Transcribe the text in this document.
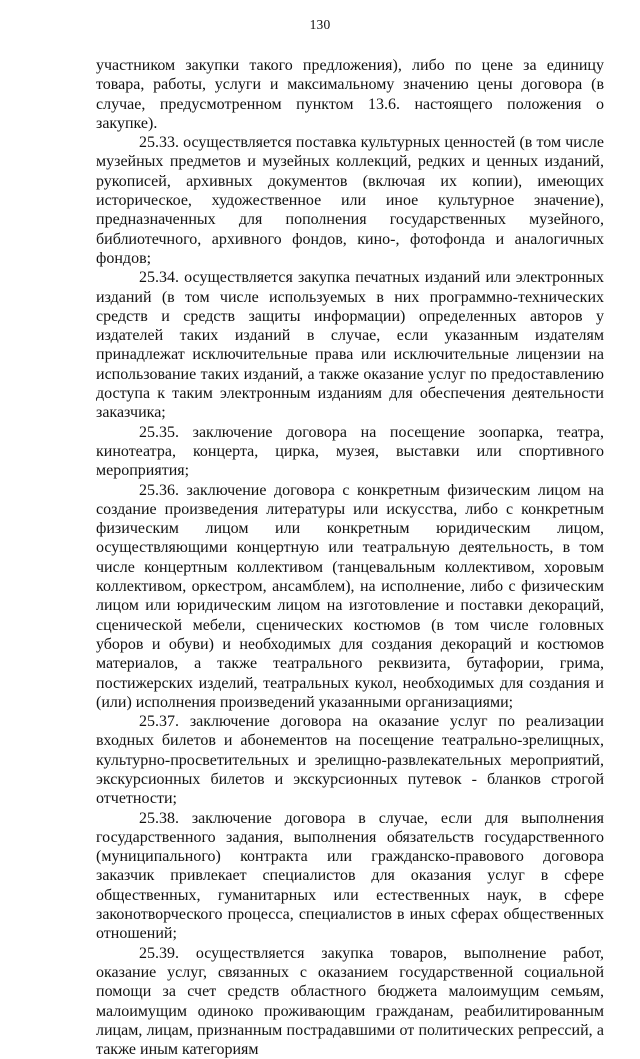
130

участником закупки такого предложения), либо по цене за единицу товара, работы, услуги и максимальному значению цены договора (в случае, предусмотренном пунктом 13.6. настоящего положения о закупке).

25.33. осуществляется поставка культурных ценностей (в том числе музейных предметов и музейных коллекций, редких и ценных изданий, рукописей, архивных документов (включая их копии), имеющих историческое, художественное или иное культурное значение), предназначенных для пополнения государственных музейного, библиотечного, архивного фондов, кино-, фотофонда и аналогичных фондов;

25.34. осуществляется закупка печатных изданий или электронных изданий (в том числе используемых в них программно-технических средств и средств защиты информации) определенных авторов у издателей таких изданий в случае, если указанным издателям принадлежат исключительные права или исключительные лицензии на использование таких изданий, а также оказание услуг по предоставлению доступа к таким электронным изданиям для обеспечения деятельности заказчика;

25.35. заключение договора на посещение зоопарка, театра, кинотеатра, концерта, цирка, музея, выставки или спортивного мероприятия;

25.36. заключение договора с конкретным физическим лицом на создание произведения литературы или искусства, либо с конкретным физическим лицом или конкретным юридическим лицом, осуществляющими концертную или театральную деятельность, в том числе концертным коллективом (танцевальным коллективом, хоровым коллективом, оркестром, ансамблем), на исполнение, либо с физическим лицом или юридическим лицом на изготовление и поставки декораций, сценической мебели, сценических костюмов (в том числе головных уборов и обуви) и необходимых для создания декораций и костюмов материалов, а также театрального реквизита, бутафории, грима, постижерских изделий, театральных кукол, необходимых для создания и (или) исполнения произведений указанными организациями;

25.37. заключение договора на оказание услуг по реализации входных билетов и абонементов на посещение театрально-зрелищных, культурно-просветительных и зрелищно-развлекательных мероприятий, экскурсионных билетов и экскурсионных путевок - бланков строгой отчетности;

25.38. заключение договора в случае, если для выполнения государственного задания, выполнения обязательств государственного (муниципального) контракта или гражданско-правового договора заказчик привлекает специалистов для оказания услуг в сфере общественных, гуманитарных или естественных наук, в сфере законотворческого процесса, специалистов в иных сферах общественных отношений;

25.39. осуществляется закупка товаров, выполнение работ, оказание услуг, связанных с оказанием государственной социальной помощи за счет средств областного бюджета малоимущим семьям, малоимущим одиноко проживающим гражданам, реабилитированным лицам, лицам, признанным пострадавшими от политических репрессий, а также иным категориям
